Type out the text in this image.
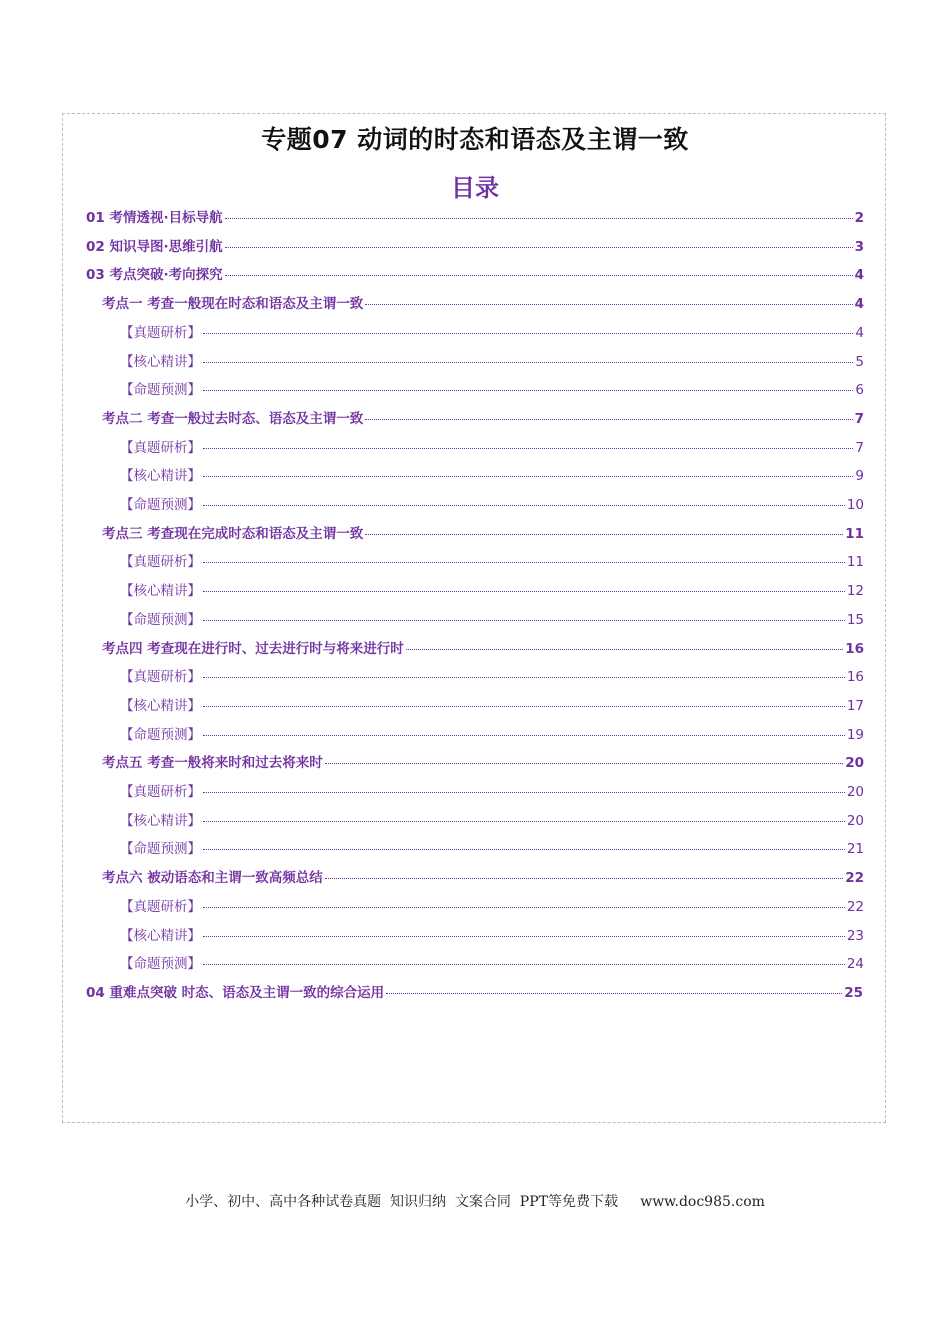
专题07 动词的时态和语态及主谓一致
目录
01 考情透视·目标导航	2
02 知识导图·思维引航	3
03 考点突破·考向探究	4
考点一 考查一般现在时态和语态及主谓一致	4
【真题研析】	4
【核心精讲】	5
【命题预测】	6
考点二 考查一般过去时态、语态及主谓一致	7
【真题研析】	7
【核心精讲】	9
【命题预测】	10
考点三 考查现在完成时态和语态及主谓一致	11
【真题研析】	11
【核心精讲】	12
【命题预测】	15
考点四 考查现在进行时、过去进行时与将来进行时	16
【真题研析】	16
【核心精讲】	17
【命题预测】	19
考点五 考查一般将来时和过去将来时	20
【真题研析】	20
【核心精讲】	20
【命题预测】	21
考点六 被动语态和主谓一致高频总结	22
【真题研析】	22
【核心精讲】	23
【命题预测】	24
04 重难点突破 时态、语态及主谓一致的综合运用	25
小学、初中、高中各种试卷真题  知识归纳  文案合同  PPT等免费下载     www.doc985.com
